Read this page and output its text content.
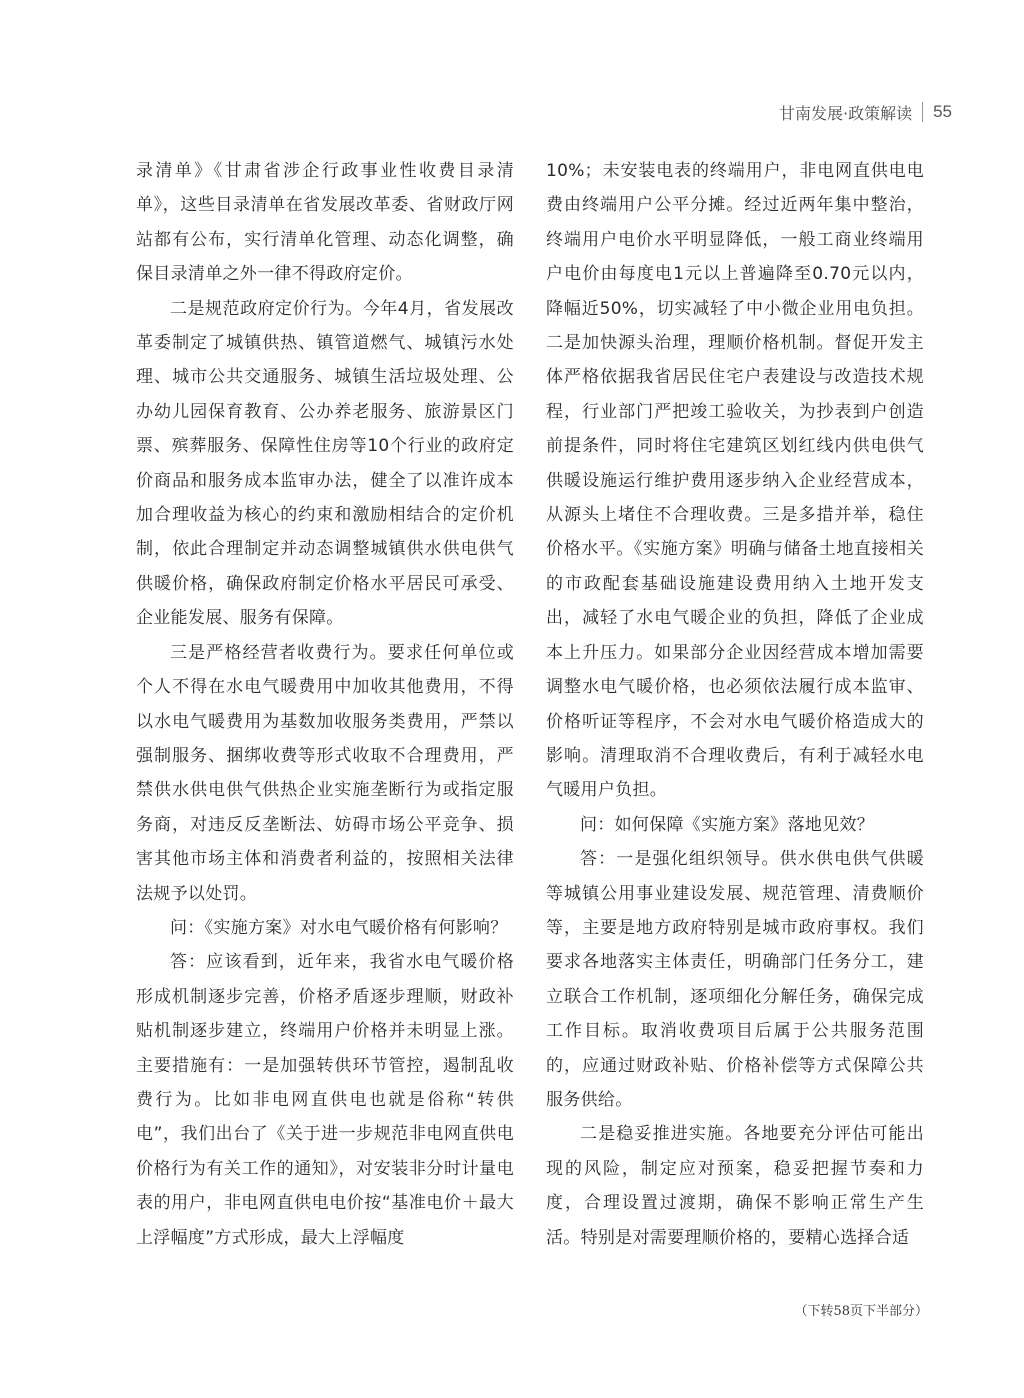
甘南发展·政策解读 55

录清单》《甘肃省涉企行政事业性收费目录清单》，这些目录清单在省发展改革委、省财政厅网站都有公布，实行清单化管理、动态化调整，确保目录清单之外一律不得政府定价。

二是规范政府定价行为。今年4月，省发展改革委制定了城镇供热、镇管道燃气、城镇污水处理、城市公共交通服务、城镇生活垃圾处理、公办幼儿园保育教育、公办养老服务、旅游景区门票、殡葬服务、保障性住房等10个行业的政府定价商品和服务成本监审办法，健全了以准许成本加合理收益为核心的约束和激励相结合的定价机制，依此合理制定并动态调整城镇供水供电供气供暖价格，确保政府制定价格水平居民可承受、企业能发展、服务有保障。

三是严格经营者收费行为。要求任何单位或个人不得在水电气暖费用中加收其他费用，不得以水电气暖费用为基数加收服务类费用，严禁以强制服务、捆绑收费等形式收取不合理费用，严禁供水供电供气供热企业实施垄断行为或指定服务商，对违反反垄断法、妨碍市场公平竞争、损害其他市场主体和消费者利益的，按照相关法律法规予以处罚。

问：《实施方案》对水电气暖价格有何影响？

答：应该看到，近年来，我省水电气暖价格形成机制逐步完善，价格矛盾逐步理顺，财政补贴机制逐步建立，终端用户价格并未明显上涨。主要措施有：一是加强转供环节管控，遏制乱收费行为。比如非电网直供电也就是俗称“转供电”，我们出台了《关于进一步规范非电网直供电价格行为有关工作的通知》，对安装非分时计量电表的用户，非电网直供电电价按“基准电价＋最大上浮幅度”方式形成，最大上浮幅度

10%；未安装电表的终端用户，非电网直供电电费由终端用户公平分摊。经过近两年集中整治，终端用户电价水平明显降低，一般工商业终端用户电价由每度电1元以上普遍降至0.70元以内，降幅近50%，切实减轻了中小微企业用电负担。二是加快源头治理，理顺价格机制。督促开发主体严格依据我省居民住宅户表建设与改造技术规程，行业部门严把竣工验收关，为抄表到户创造前提条件，同时将住宅建筑区划红线内供电供气供暖设施运行维护费用逐步纳入企业经营成本，从源头上堵住不合理收费。三是多措并举，稳住价格水平。《实施方案》明确与储备土地直接相关的市政配套基础设施建设费用纳入土地开发支出，减轻了水电气暖企业的负担，降低了企业成本上升压力。如果部分企业因经营成本增加需要调整水电气暖价格，也必须依法履行成本监审、价格听证等程序，不会对水电气暖价格造成大的影响。清理取消不合理收费后，有利于减轻水电气暖用户负担。

问：如何保障《实施方案》落地见效？

答：一是强化组织领导。供水供电供气供暖等城镇公用事业建设发展、规范管理、清费顺价等，主要是地方政府特别是城市政府事权。我们要求各地落实主体责任，明确部门任务分工，建立联合工作机制，逐项细化分解任务，确保完成工作目标。取消收费项目后属于公共服务范围的，应通过财政补贴、价格补偿等方式保障公共服务供给。

二是稳妥推进实施。各地要充分评估可能出现的风险，制定应对预案，稳妥把握节奏和力度，合理设置过渡期，确保不影响正常生产生活。特别是对需要理顺价格的，要精心选择合适

（下转58页下半部分）
